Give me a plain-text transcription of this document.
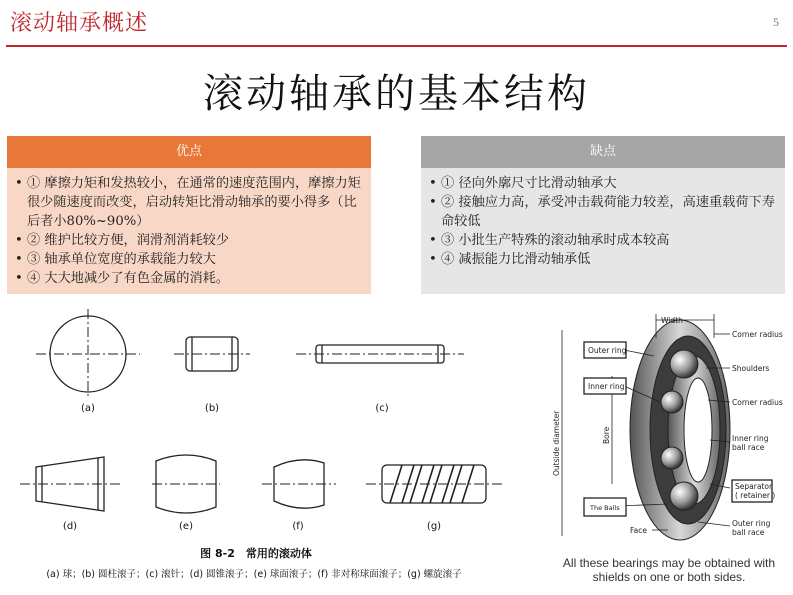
滚动轴承概述	5
滚动轴承的基本结构
优点
• ① 摩擦力矩和发热较小，在通常的速度范围内，摩擦力矩很少随速度而改变，启动转矩比滑动轴承的要小得多（比后者小80%~90%）
• ② 维护比较方便，润滑剂消耗较少
• ③ 轴承单位宽度的承载能力较大
• ④ 大大地减少了有色金属的消耗。
缺点
• ① 径向外廓尺寸比滑动轴承大
• ② 接触应力高，承受冲击载荷能力较差，高速重载荷下寿命较低
• ③ 小批生产特殊的滚动轴承时成本较高
• ④ 减振能力比滑动轴承低
(a)	(b)	(c)
(d)	(e)	(f)	(g)
图 8-2　常用的滚动体
(a) 球；(b) 圆柱滚子；(c) 滚针；(d) 圆锥滚子；(e) 球面滚子；(f) 非对称球面滚子；(g) 螺旋滚子
Width
Corner radius
Outer ring
Shoulders
Inner ring
Corner radius
Outside diameter	Bore	Inner ring
ball race
Separator
( retainer )
The Balls
Face
Outer ring
ball race
All these bearings may be obtained with shields on one or both sides.
